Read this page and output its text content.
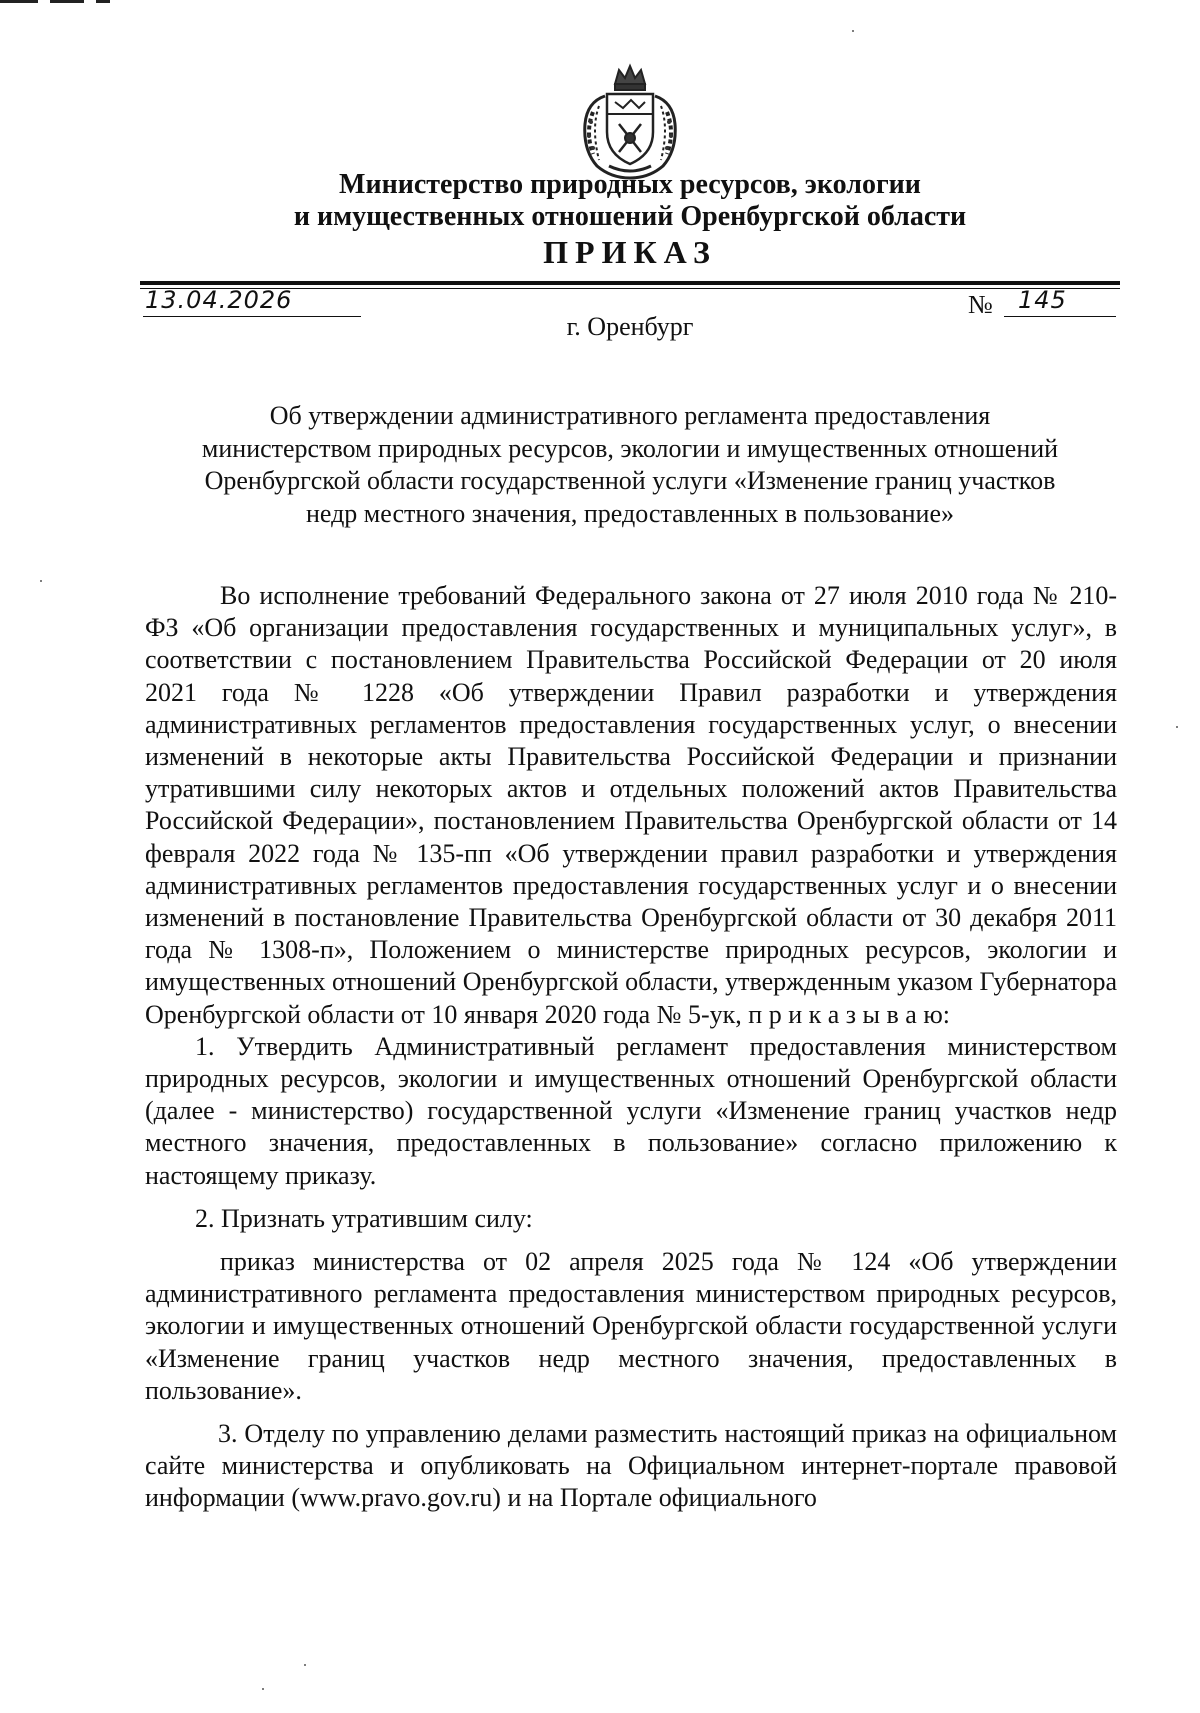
Министерство природных ресурсов, экологии
и имущественных отношений Оренбургской области
ПРИКАЗ
13.04.2026	№ 145
г. Оренбург
Об утверждении административного регламента предоставления
министерством природных ресурсов, экологии и имущественных отношений
Оренбургской области государственной услуги «Изменение границ участков
недр местного значения, предоставленных в пользование»

Во исполнение требований Федерального закона от 27 июля 2010 года № 210-ФЗ «Об организации предоставления государственных и муниципальных услуг», в соответствии с постановлением Правительства Российской Федерации от 20 июля 2021 года № 1228 «Об утверждении Правил разработки и утверждения административных регламентов предоставления государственных услуг, о внесении изменений в некоторые акты Правительства Российской Федерации и признании утратившими силу некоторых актов и отдельных положений актов Правительства Российской Федерации», постановлением Правительства Оренбургской области от 14 февраля 2022 года № 135-пп «Об утверждении правил разработки и утверждения административных регламентов предоставления государственных услуг и о внесении изменений в постановление Правительства Оренбургской области от 30 декабря 2011 года № 1308-п», Положением о министерстве природных ресурсов, экологии и имущественных отношений Оренбургской области, утвержденным указом Губернатора Оренбургской области от 10 января 2020 года № 5-ук, п р и к а з ы в а ю:

1. Утвердить Административный регламент предоставления министерством природных ресурсов, экологии и имущественных отношений Оренбургской области (далее - министерство) государственной услуги «Изменение границ участков недр местного значения, предоставленных в пользование» согласно приложению к настоящему приказу.

2. Признать утратившим силу:

приказ министерства от 02 апреля 2025 года № 124 «Об утверждении административного регламента предоставления министерством природных ресурсов, экологии и имущественных отношений Оренбургской области государственной услуги «Изменение границ участков недр местного значения, предоставленных в пользование».

3. Отделу по управлению делами разместить настоящий приказ на официальном сайте министерства и опубликовать на Официальном интернет-портале правовой информации (www.pravo.gov.ru) и на Портале официального
